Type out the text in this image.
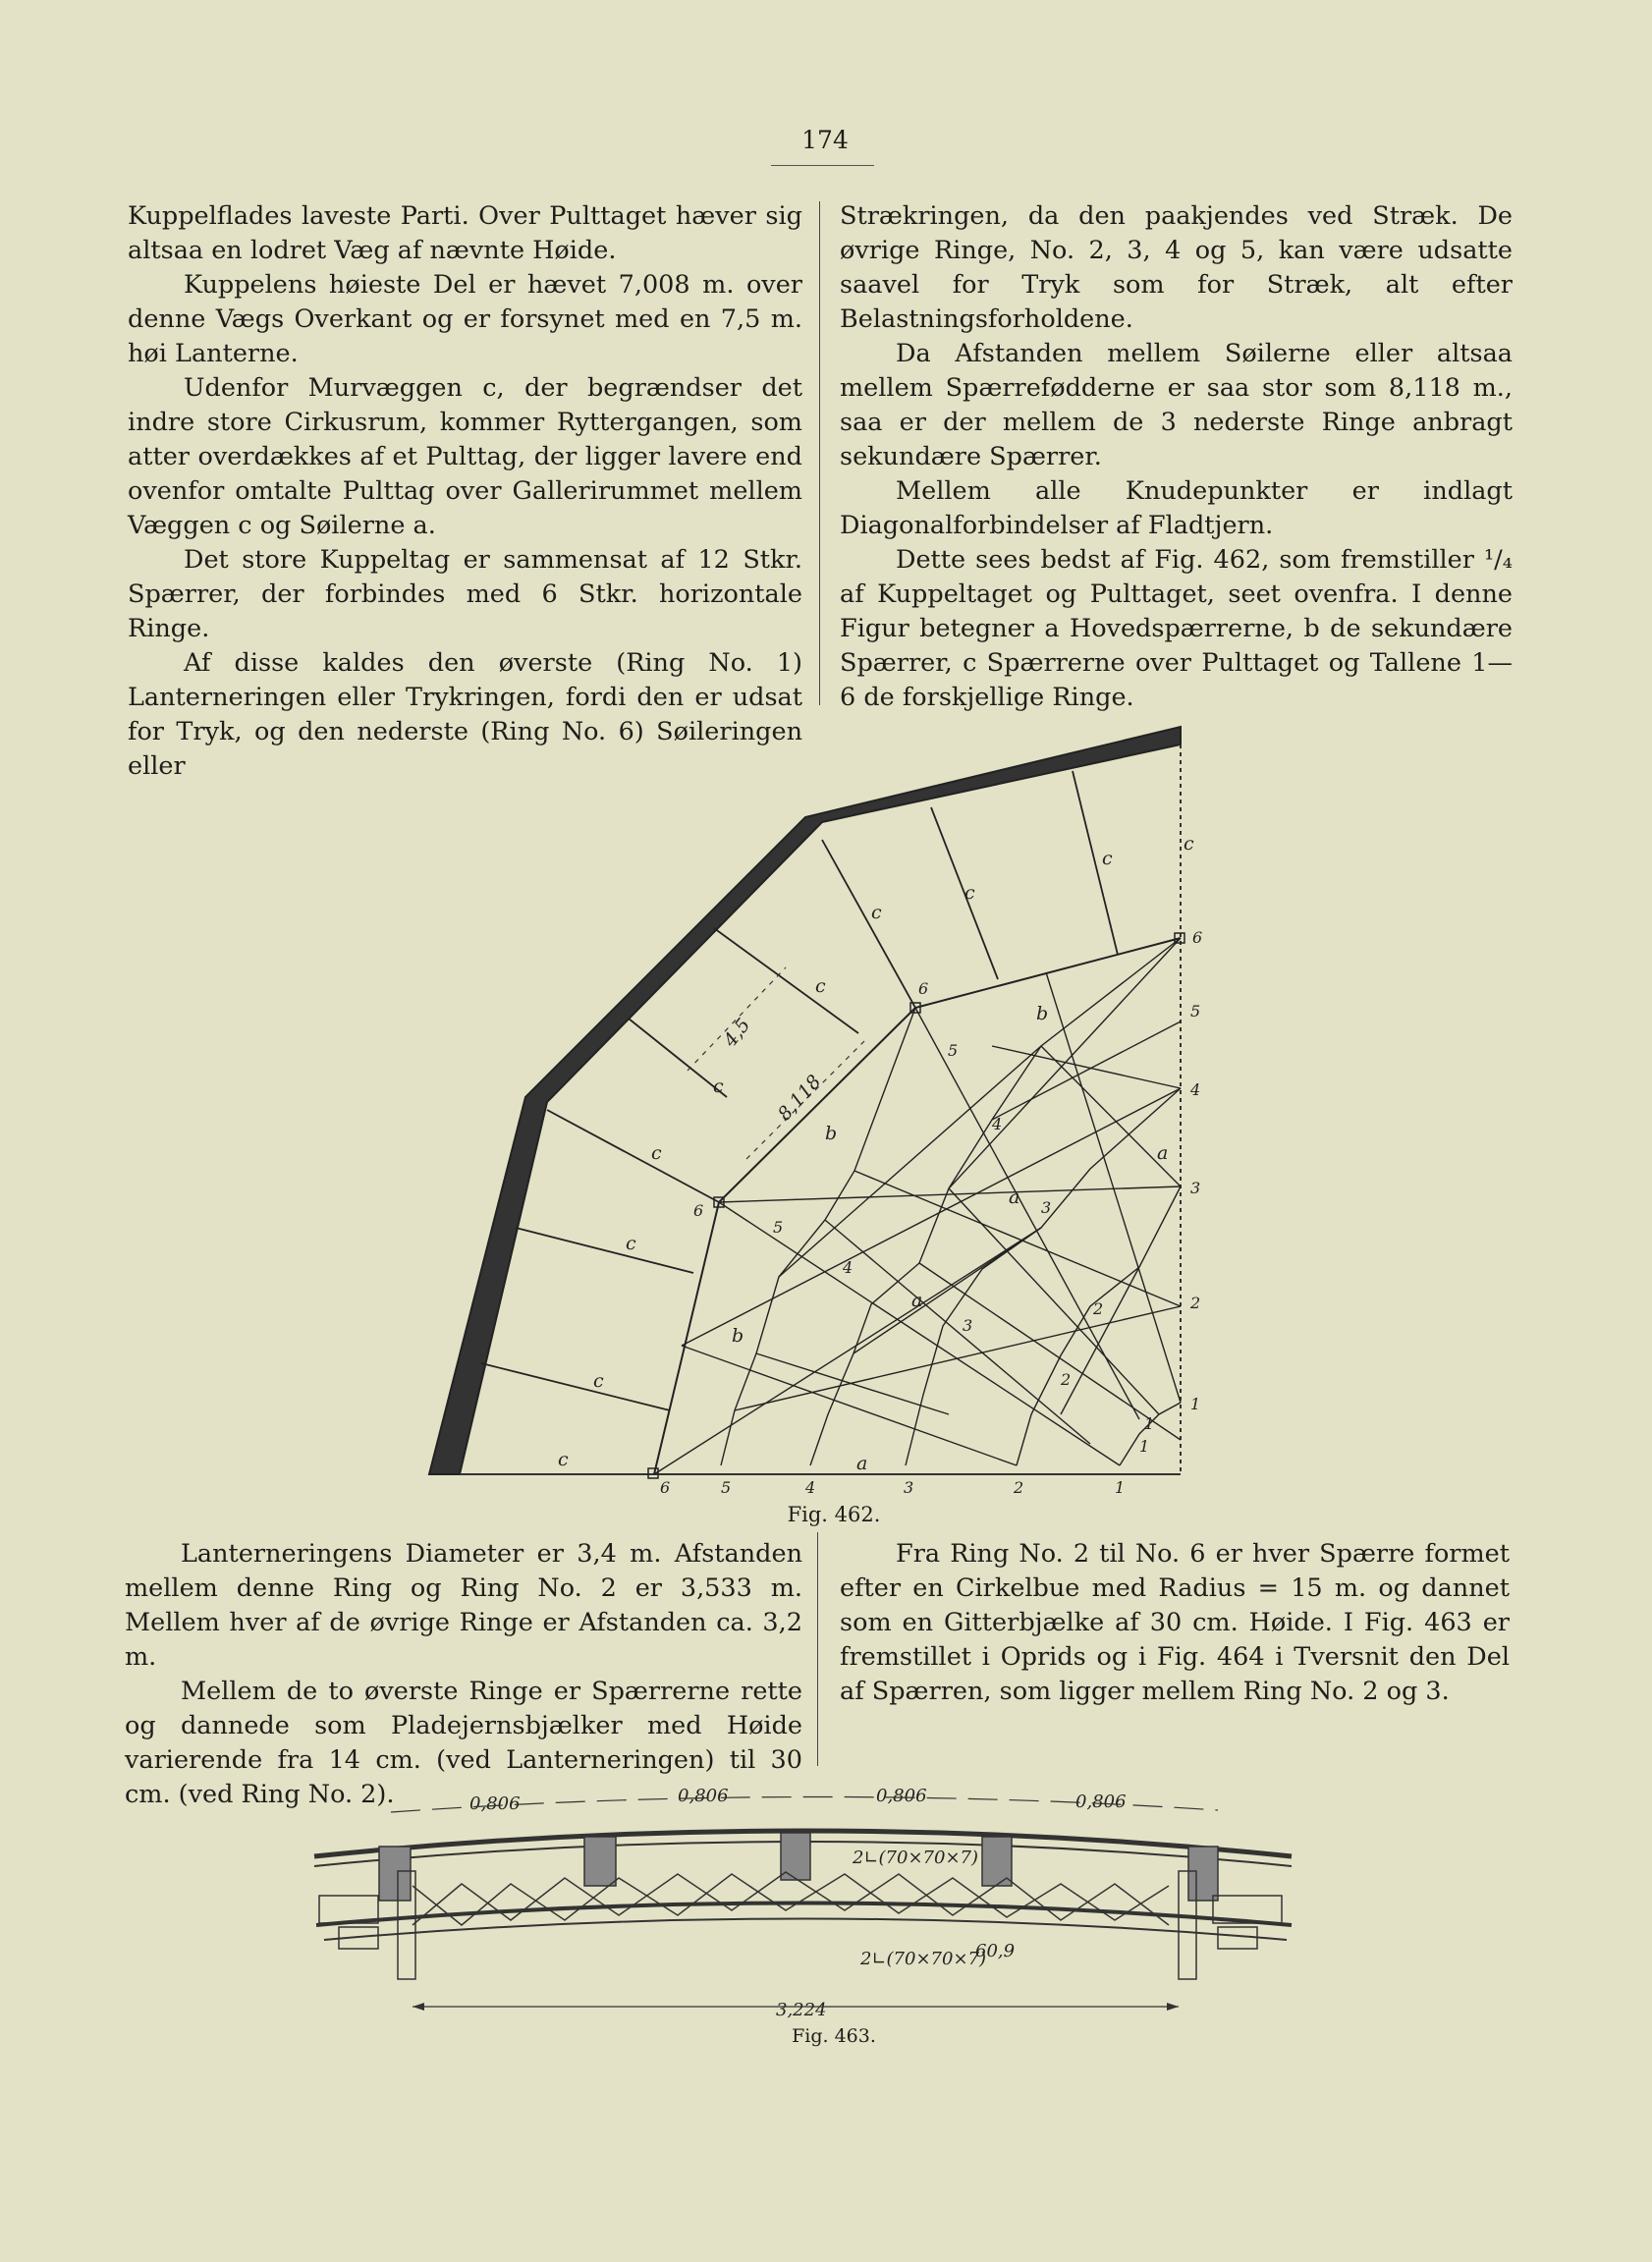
174

Kuppelflades laveste Parti. Over Pulttaget hæver sig altsaa en lodret Væg af nævnte Høide.

Kuppelens høieste Del er hævet 7,008 m. over denne Vægs Overkant og er forsynet med en 7,5 m. høi Lanterne.

Udenfor Murvæggen c, der begrændser det indre store Cirkusrum, kommer Ryttergangen, som atter overdækkes af et Pulttag, der ligger lavere end ovenfor omtalte Pulttag over Gallerirummet mellem Væggen c og Søilerne a.

Det store Kuppeltag er sammensat af 12 Stkr. Spærrer, der forbindes med 6 Stkr. horizontale Ringe.

Af disse kaldes den øverste (Ring No. 1) Lanterneringen eller Trykringen, fordi den er udsat for Tryk, og den nederste (Ring No. 6) Søileringen eller

Strækringen, da den paakjendes ved Stræk. De øvrige Ringe, No. 2, 3, 4 og 5, kan være udsatte saavel for Tryk som for Stræk, alt efter Belastningsforholdene.

Da Afstanden mellem Søilerne eller altsaa mellem Spærrefødderne er saa stor som 8,118 m., saa er der mellem de 3 nederste Ringe anbragt sekundære Spærrer.

Mellem alle Knudepunkter er indlagt Diagonalforbindelser af Fladtjern.

Dette sees bedst af Fig. 462, som fremstiller ¹/₄ af Kuppeltaget og Pulttaget, seet ovenfra. I denne Figur betegner a Hovedspærrerne, b de sekundære Spærrer, c Spærrerne over Pulttaget og Tallene 1—6 de forskjellige Ringe.

c
c
c
c
c
c
c
c
c
c	a
a
a
a
b
b
b
4,5
8,118
6
5
4
3
2
1
6	5	4	3	2	1
6
5
4
3
2
1
6
5
4
3
2
1
Fig. 462.

Lanterneringens Diameter er 3,4 m. Afstanden mellem denne Ring og Ring No. 2 er 3,533 m. Mellem hver af de øvrige Ringe er Afstanden ca. 3,2 m.

Mellem de to øverste Ringe er Spærrerne rette og dannede som Pladejernsbjælker med Høide varierende fra 14 cm. (ved Lanterneringen) til 30 cm. (ved Ring No. 2).

Fra Ring No. 2 til No. 6 er hver Spærre formet efter en Cirkelbue med Radius = 15 m. og dannet som en Gitterbjælke af 30 cm. Høide. I Fig. 463 er fremstillet i Oprids og i Fig. 464 i Tversnit den Del af Spærren, som ligger mellem Ring No. 2 og 3.

0,806	0,806	0,806	0,806
2∟(70×70×7)
2∟(70×70×7)
60,9
3,224
Fig. 463.
